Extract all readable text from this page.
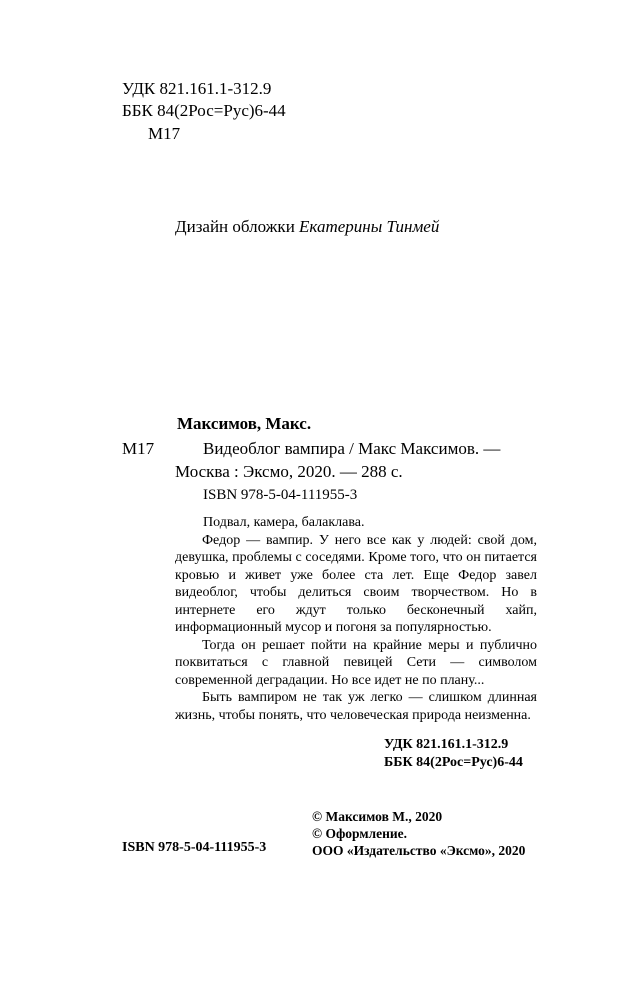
УДК 821.161.1-312.9
ББК 84(2Рос=Рус)6-44
М17
Дизайн обложки Екатерины Тинмей
Максимов, Макс.
М17	Видеоблог вампира / Макс Максимов. —
Москва : Эксмо, 2020. — 288 с.
ISBN 978-5-04-111955-3

Подвал, камера, балаклава.

Федор — вампир. У него все как у людей: свой дом, девушка, проблемы с соседями. Кроме того, что он питается кровью и живет уже более ста лет. Еще Федор завел видеоблог, чтобы делиться своим творчеством. Но в интернете его ждут только бесконечный хайп, информационный мусор и погоня за популярностью.

Тогда он решает пойти на крайние меры и публично поквитаться с главной певицей Сети — символом современной деградации. Но все идет не по плану...

Быть вампиром не так уж легко — слишком длинная жизнь, чтобы понять, что человеческая природа неизменна.

УДК 821.161.1-312.9
ББК 84(2Рос=Рус)6-44
© Максимов М., 2020
© Оформление.
ООО «Издательство «Эксмо», 2020
ISBN 978-5-04-111955-3
